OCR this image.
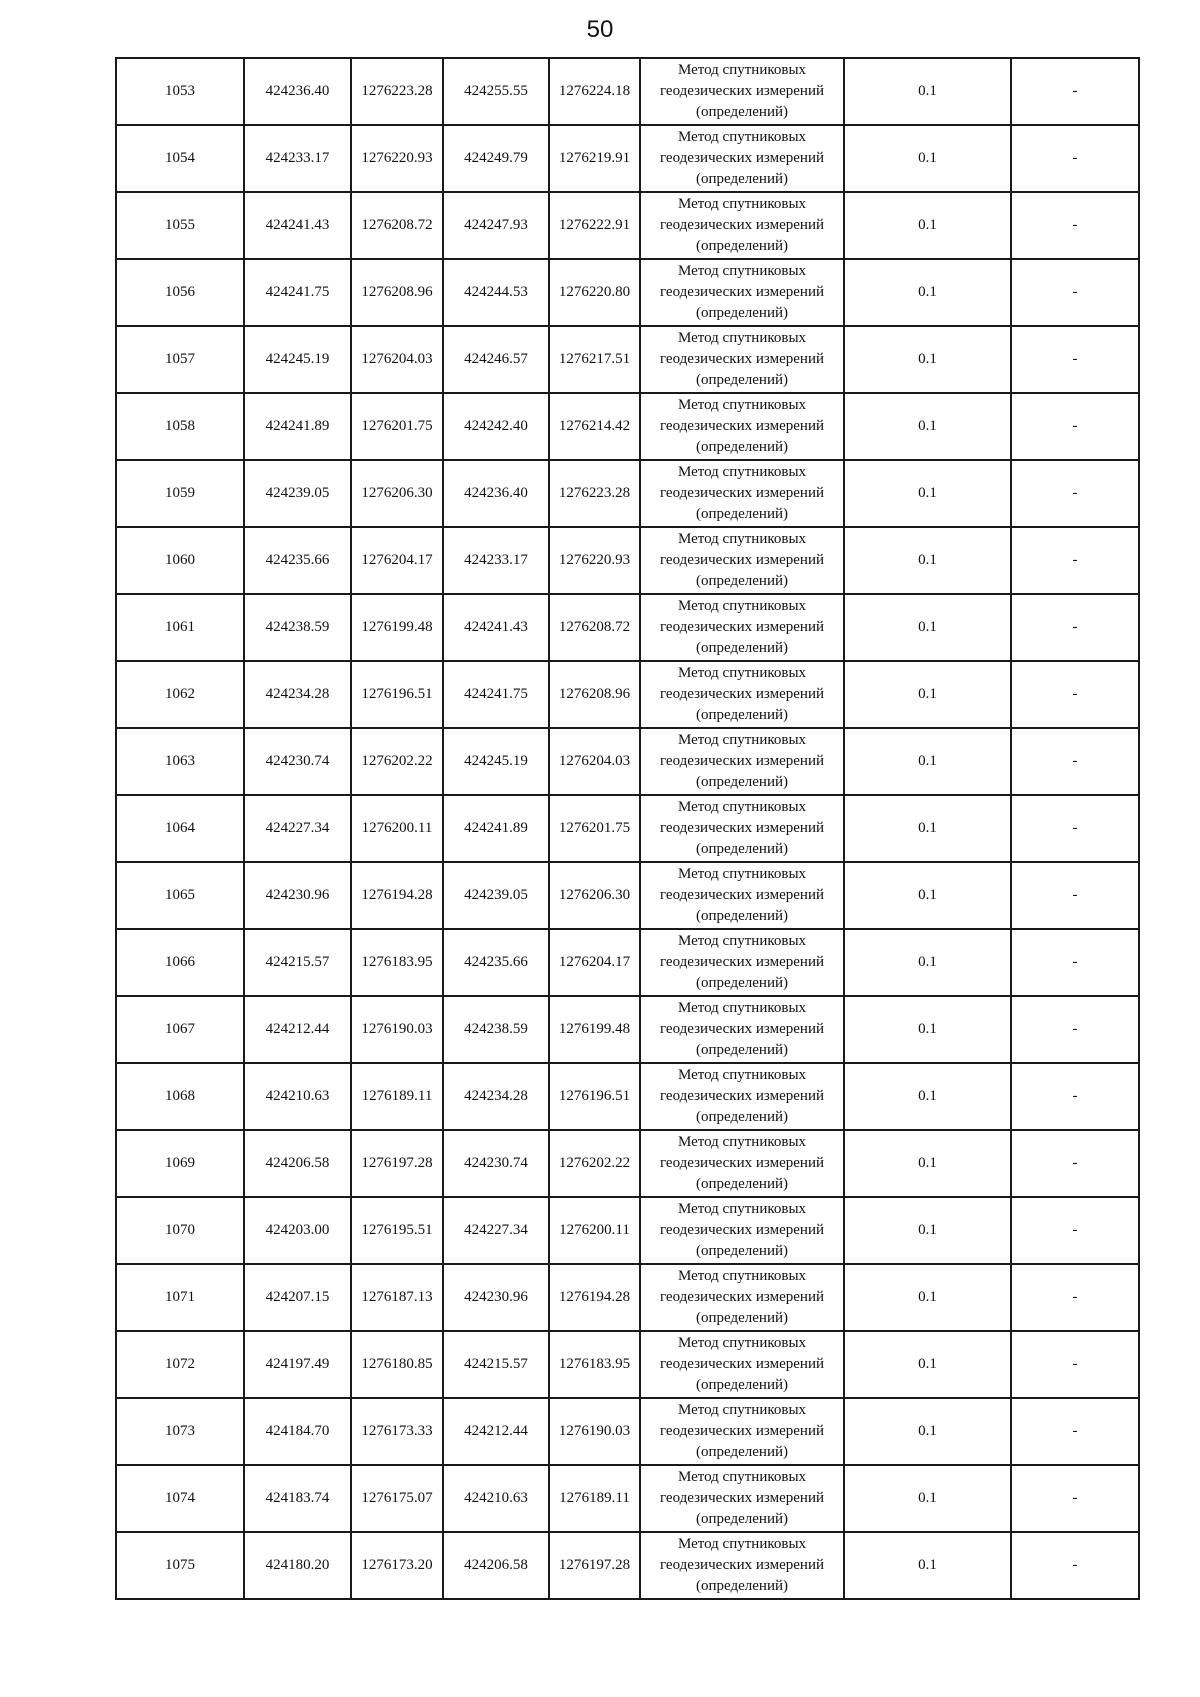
50
1053	424236.40	1276223.28	424255.55	1276224.18	Метод спутниковых
геодезических измерений
(определений)	0.1	-
1054	424233.17	1276220.93	424249.79	1276219.91	Метод спутниковых
геодезических измерений
(определений)	0.1	-
1055	424241.43	1276208.72	424247.93	1276222.91	Метод спутниковых
геодезических измерений
(определений)	0.1	-
1056	424241.75	1276208.96	424244.53	1276220.80	Метод спутниковых
геодезических измерений
(определений)	0.1	-
1057	424245.19	1276204.03	424246.57	1276217.51	Метод спутниковых
геодезических измерений
(определений)	0.1	-
1058	424241.89	1276201.75	424242.40	1276214.42	Метод спутниковых
геодезических измерений
(определений)	0.1	-
1059	424239.05	1276206.30	424236.40	1276223.28	Метод спутниковых
геодезических измерений
(определений)	0.1	-
1060	424235.66	1276204.17	424233.17	1276220.93	Метод спутниковых
геодезических измерений
(определений)	0.1	-
1061	424238.59	1276199.48	424241.43	1276208.72	Метод спутниковых
геодезических измерений
(определений)	0.1	-
1062	424234.28	1276196.51	424241.75	1276208.96	Метод спутниковых
геодезических измерений
(определений)	0.1	-
1063	424230.74	1276202.22	424245.19	1276204.03	Метод спутниковых
геодезических измерений
(определений)	0.1	-
1064	424227.34	1276200.11	424241.89	1276201.75	Метод спутниковых
геодезических измерений
(определений)	0.1	-
1065	424230.96	1276194.28	424239.05	1276206.30	Метод спутниковых
геодезических измерений
(определений)	0.1	-
1066	424215.57	1276183.95	424235.66	1276204.17	Метод спутниковых
геодезических измерений
(определений)	0.1	-
1067	424212.44	1276190.03	424238.59	1276199.48	Метод спутниковых
геодезических измерений
(определений)	0.1	-
1068	424210.63	1276189.11	424234.28	1276196.51	Метод спутниковых
геодезических измерений
(определений)	0.1	-
1069	424206.58	1276197.28	424230.74	1276202.22	Метод спутниковых
геодезических измерений
(определений)	0.1	-
1070	424203.00	1276195.51	424227.34	1276200.11	Метод спутниковых
геодезических измерений
(определений)	0.1	-
1071	424207.15	1276187.13	424230.96	1276194.28	Метод спутниковых
геодезических измерений
(определений)	0.1	-
1072	424197.49	1276180.85	424215.57	1276183.95	Метод спутниковых
геодезических измерений
(определений)	0.1	-
1073	424184.70	1276173.33	424212.44	1276190.03	Метод спутниковых
геодезических измерений
(определений)	0.1	-
1074	424183.74	1276175.07	424210.63	1276189.11	Метод спутниковых
геодезических измерений
(определений)	0.1	-
1075	424180.20	1276173.20	424206.58	1276197.28	Метод спутниковых
геодезических измерений
(определений)	0.1	-
